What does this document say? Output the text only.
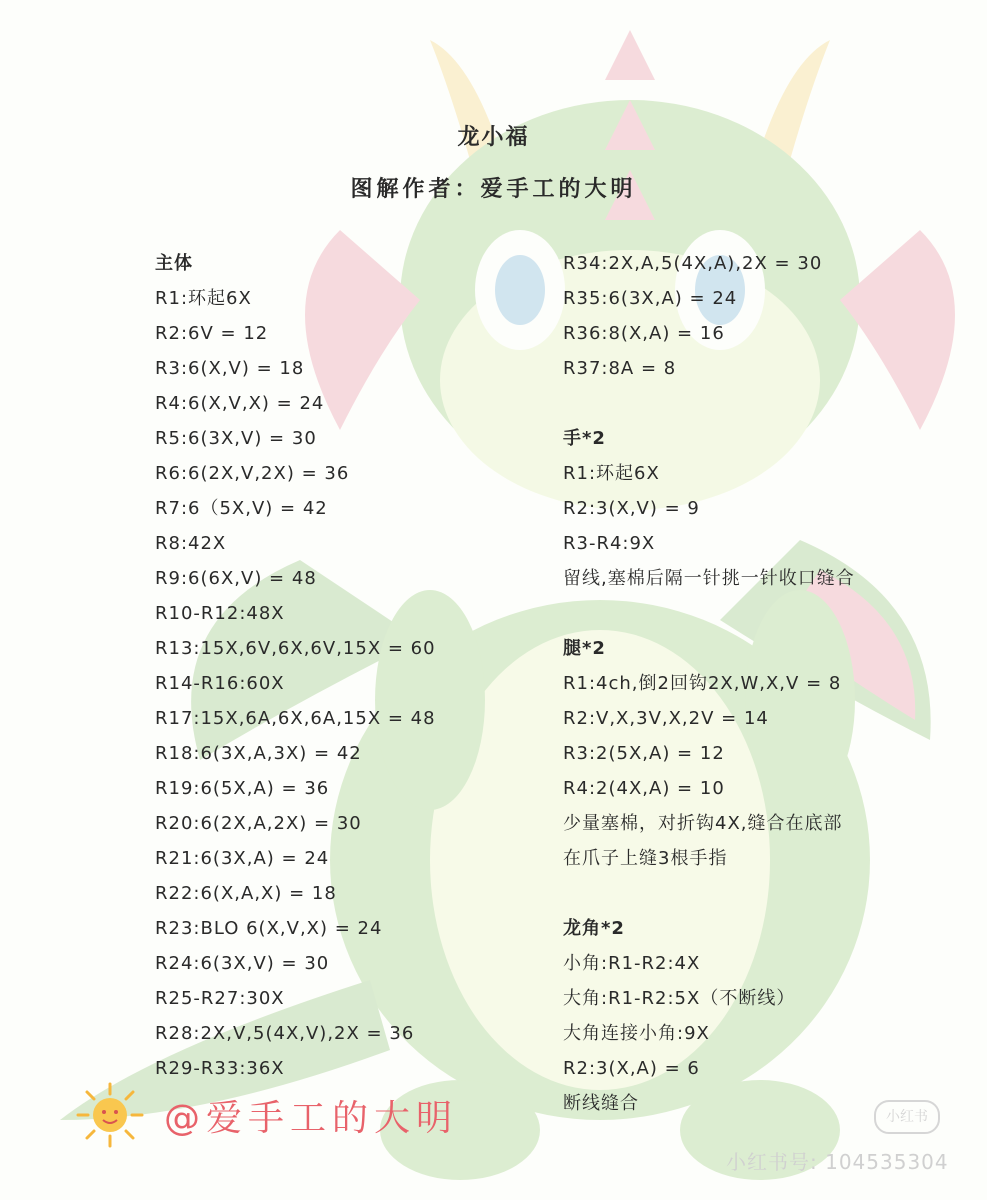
龙小福
图解作者：爱手工的大明
主体
R1:环起6X
R2:6V = 12
R3:6(X,V) = 18
R4:6(X,V,X) = 24
R5:6(3X,V) = 30
R6:6(2X,V,2X) = 36
R7:6（5X,V) = 42
R8:42X
R9:6(6X,V) = 48
R10-R12:48X
R13:15X,6V,6X,6V,15X = 60
R14-R16:60X
R17:15X,6A,6X,6A,15X = 48
R18:6(3X,A,3X) = 42
R19:6(5X,A) = 36
R20:6(2X,A,2X) = 30
R21:6(3X,A) = 24
R22:6(X,A,X) = 18
R23:BLO 6(X,V,X) = 24
R24:6(3X,V) = 30
R25-R27:30X
R28:2X,V,5(4X,V),2X = 36
R29-R33:36X
R34:2X,A,5(4X,A),2X = 30
R35:6(3X,A) = 24
R36:8(X,A) = 16
R37:8A = 8
手*2
R1:环起6X
R2:3(X,V) = 9
R3-R4:9X
留线,塞棉后隔一针挑一针收口缝合
腿*2
R1:4ch,倒2回钩2X,W,X,V = 8
R2:V,X,3V,X,2V = 14
R3:2(5X,A) = 12
R4:2(4X,A) = 10
少量塞棉，对折钩4X,缝合在底部
在爪子上缝3根手指
龙角*2
小角:R1-R2:4X
大角:R1-R2:5X（不断线）
大角连接小角:9X
R2:3(X,A) = 6
断线缝合
@爱手工的大明	小红书
小红书号: 104535304
